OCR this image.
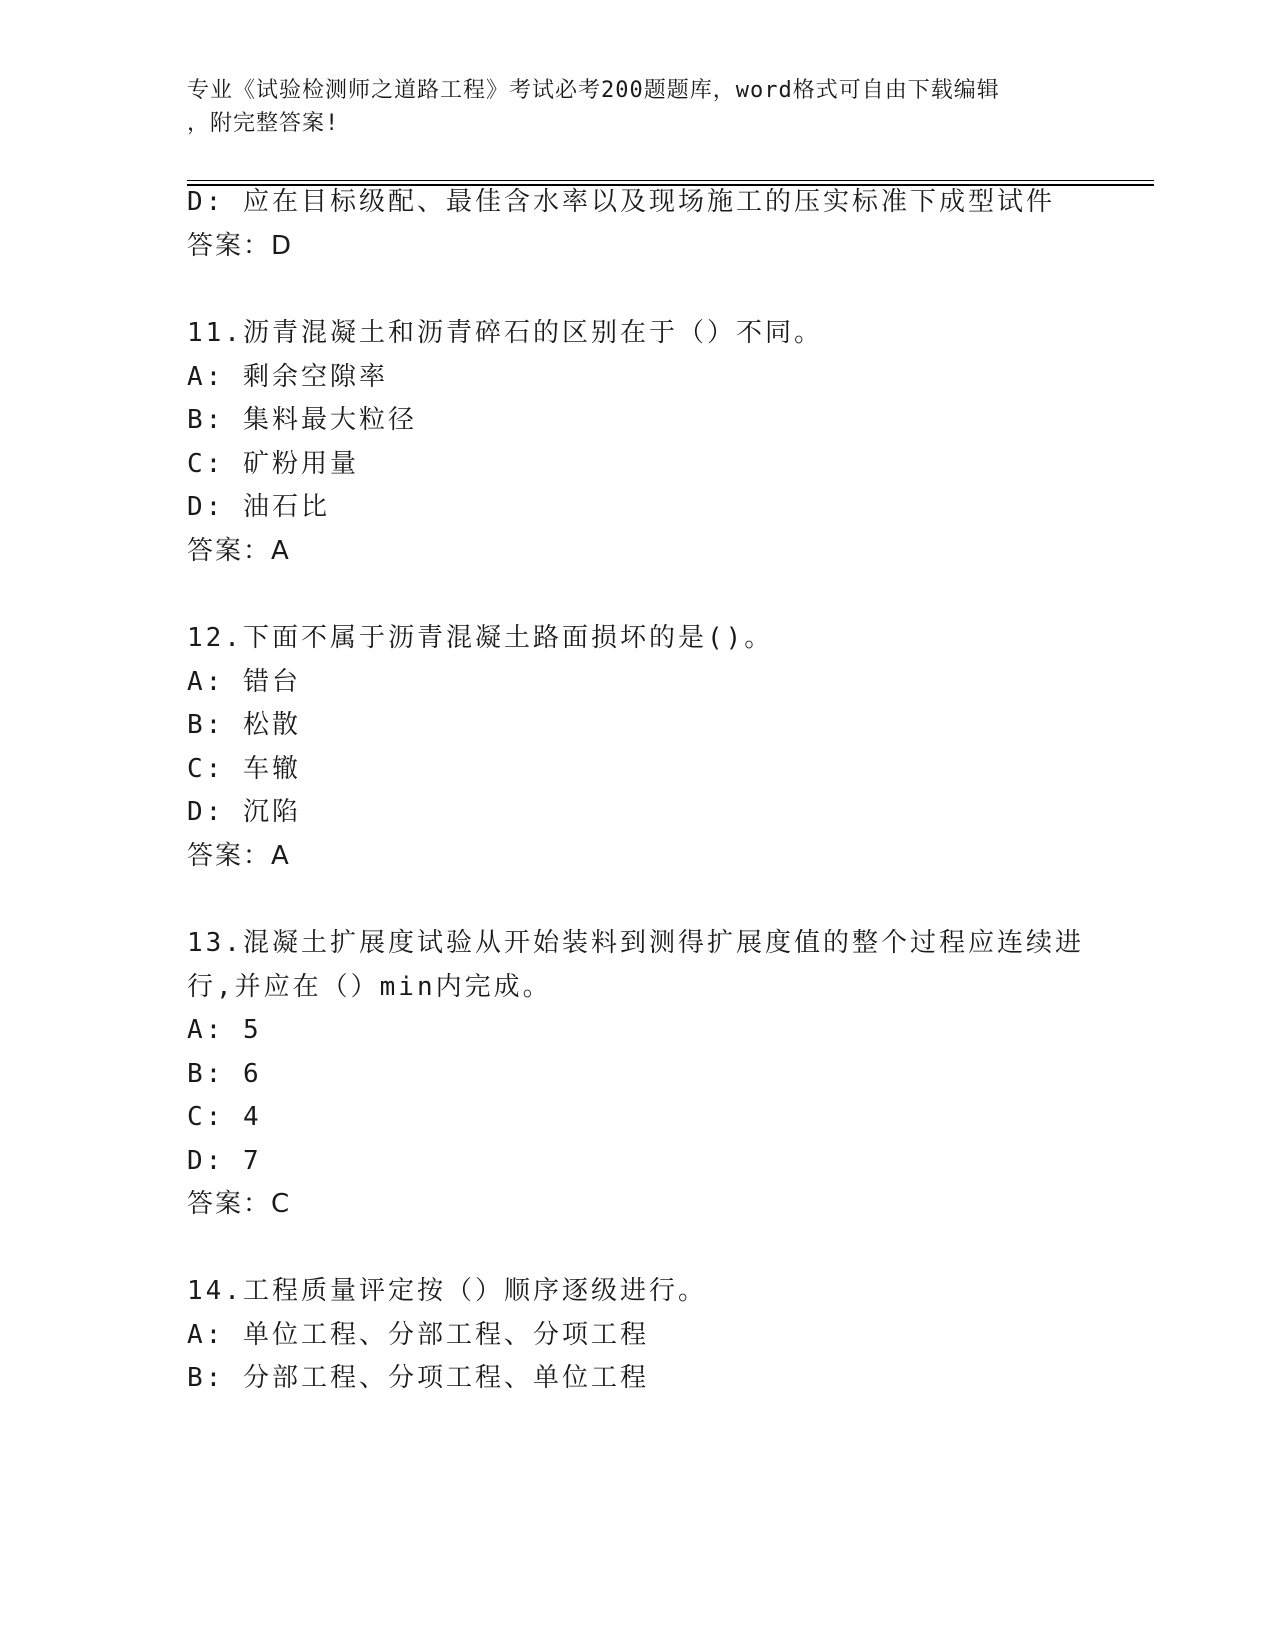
专业《试验检测师之道路工程》考试必考200题题库，word格式可自由下载编辑
，附完整答案!
D: 应在目标级配、最佳含水率以及现场施工的压实标准下成型试件
答案：D
11.沥青混凝土和沥青碎石的区别在于（）不同。
A: 剩余空隙率
B: 集料最大粒径
C: 矿粉用量
D: 油石比
答案：A
12.下面不属于沥青混凝土路面损坏的是()。
A: 错台
B: 松散
C: 车辙
D: 沉陷
答案：A
13.混凝土扩展度试验从开始装料到测得扩展度值的整个过程应连续进
行,并应在（）min内完成。
A: 5
B: 6
C: 4
D: 7
答案：C
14.工程质量评定按（）顺序逐级进行。
A: 单位工程、分部工程、分项工程
B: 分部工程、分项工程、单位工程
